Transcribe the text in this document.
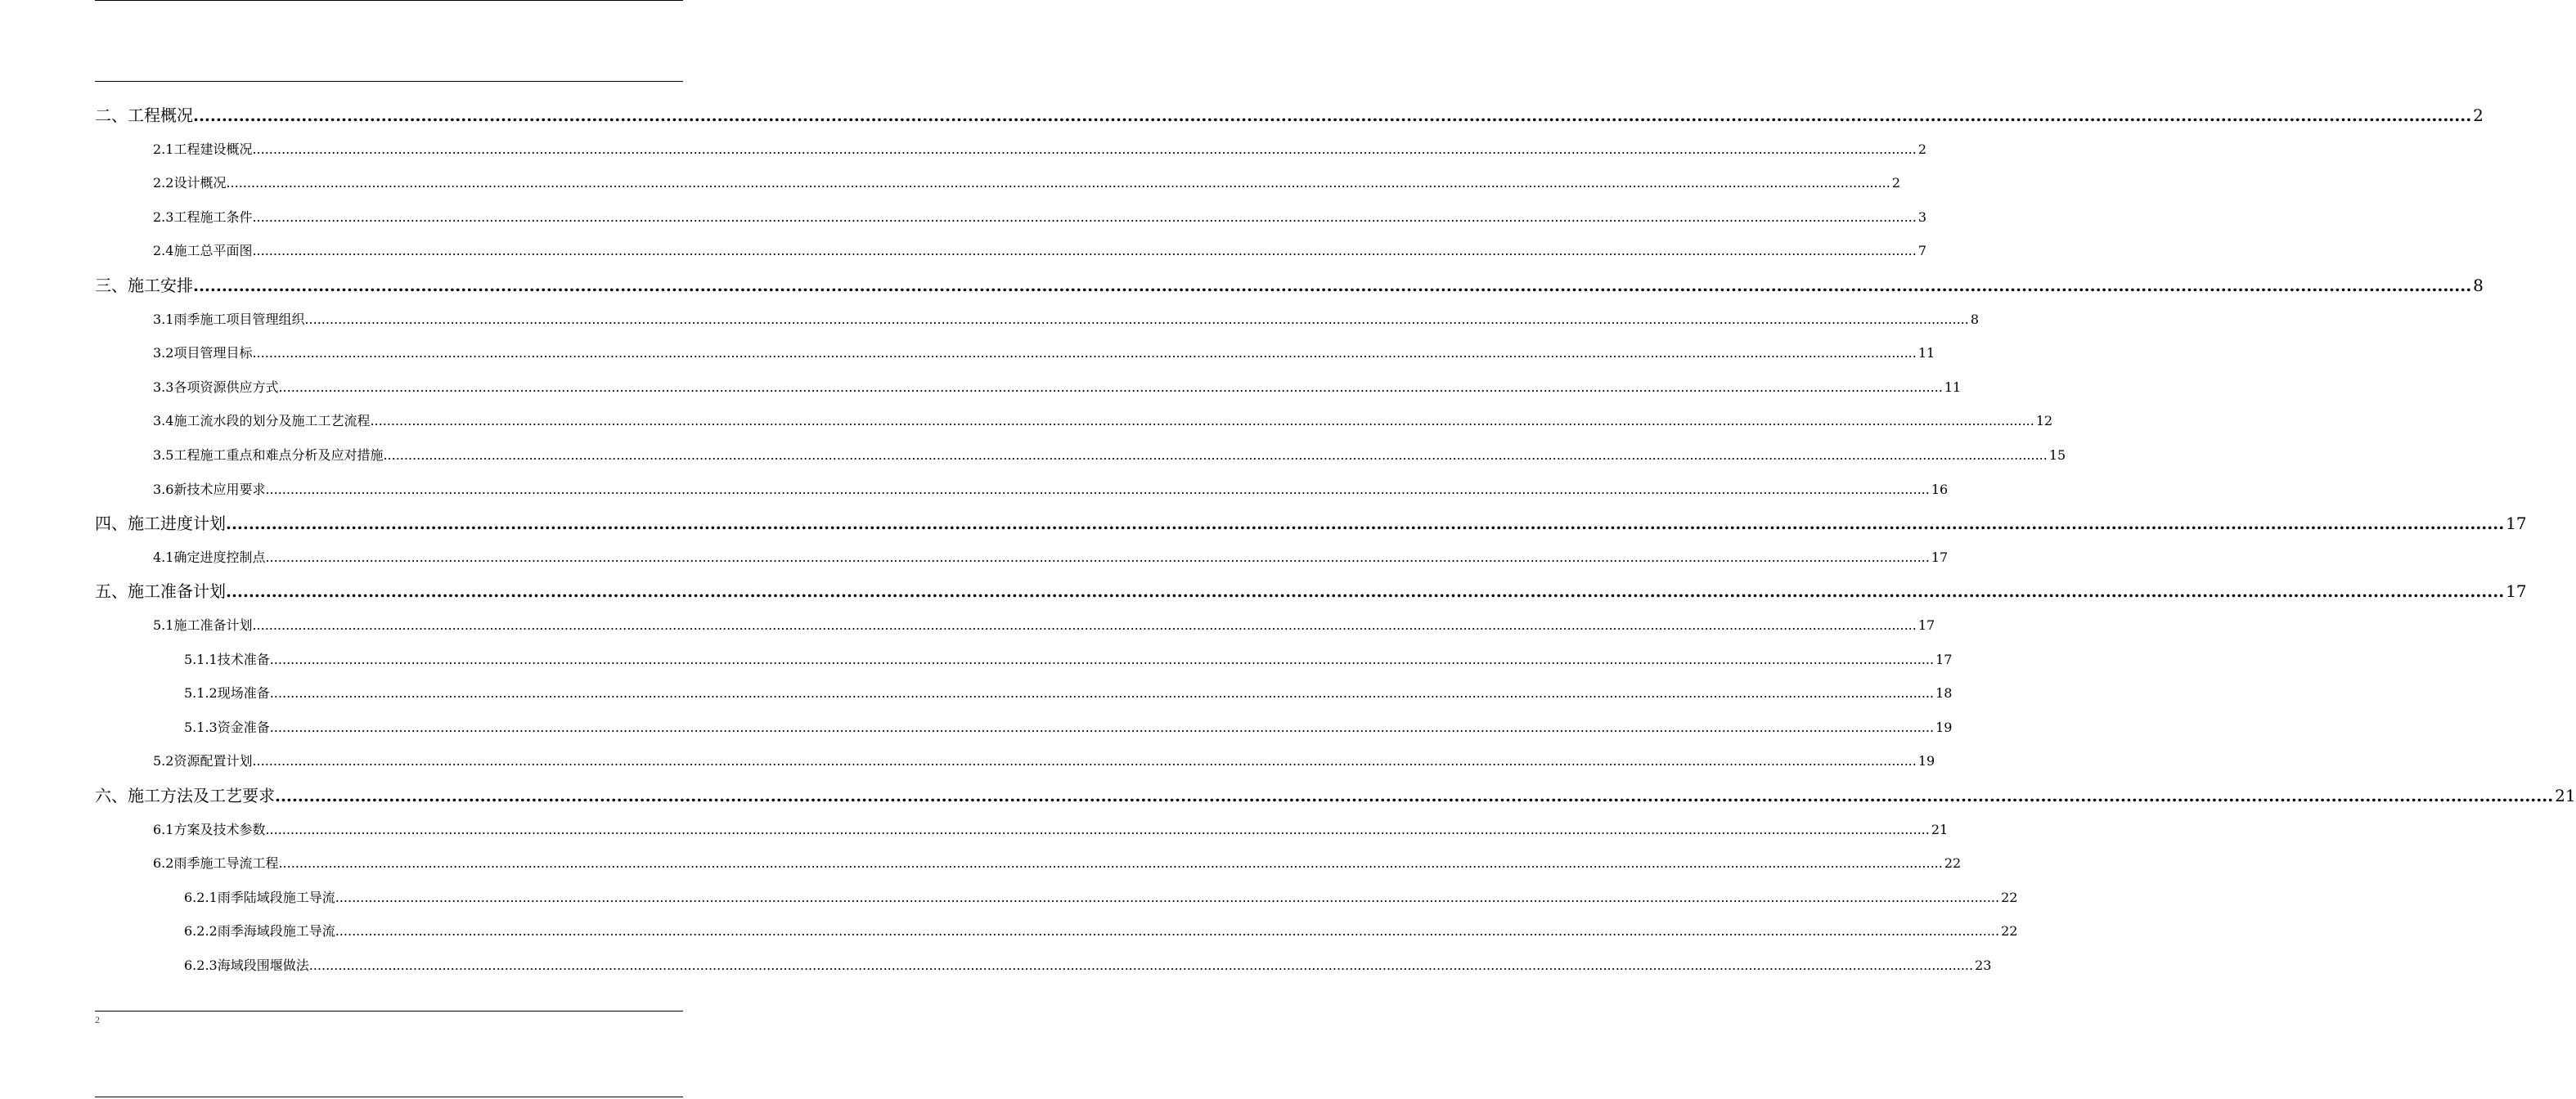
二、工程概况 ................................................................................................................................................................................................................................................................................................................................................................................................................ 2
2.1工程建设概况 ................................................................................................................................................................................................................................................................................................................................................................................................................ 2
2.2设计概况 ................................................................................................................................................................................................................................................................................................................................................................................................................ 2
2.3工程施工条件 ................................................................................................................................................................................................................................................................................................................................................................................................................ 3
2.4施工总平面图 ................................................................................................................................................................................................................................................................................................................................................................................................................ 7
三、施工安排 ................................................................................................................................................................................................................................................................................................................................................................................................................ 8
3.1雨季施工项目管理组织 ................................................................................................................................................................................................................................................................................................................................................................................................................ 8
3.2项目管理目标 ................................................................................................................................................................................................................................................................................................................................................................................................................ 11
3.3各项资源供应方式 ................................................................................................................................................................................................................................................................................................................................................................................................................ 11
3.4施工流水段的划分及施工工艺流程 ................................................................................................................................................................................................................................................................................................................................................................................................................ 12
3.5工程施工重点和难点分析及应对措施 ................................................................................................................................................................................................................................................................................................................................................................................................................ 15
3.6新技术应用要求 ................................................................................................................................................................................................................................................................................................................................................................................................................ 16
四、施工进度计划 ................................................................................................................................................................................................................................................................................................................................................................................................................ 17
4.1确定进度控制点 ................................................................................................................................................................................................................................................................................................................................................................................................................ 17
五、施工准备计划 ................................................................................................................................................................................................................................................................................................................................................................................................................ 17
5.1施工准备计划 ................................................................................................................................................................................................................................................................................................................................................................................................................ 17
5.1.1技术准备 ................................................................................................................................................................................................................................................................................................................................................................................................................ 17
5.1.2现场准备 ................................................................................................................................................................................................................................................................................................................................................................................................................ 18
5.1.3资金准备 ................................................................................................................................................................................................................................................................................................................................................................................................................ 19
5.2资源配置计划 ................................................................................................................................................................................................................................................................................................................................................................................................................ 19
六、施工方法及工艺要求 ................................................................................................................................................................................................................................................................................................................................................................................................................ 21
6.1方案及技术参数 ................................................................................................................................................................................................................................................................................................................................................................................................................ 21
6.2雨季施工导流工程 ................................................................................................................................................................................................................................................................................................................................................................................................................ 22
6.2.1雨季陆域段施工导流 ................................................................................................................................................................................................................................................................................................................................................................................................................ 22
6.2.2雨季海域段施工导流 ................................................................................................................................................................................................................................................................................................................................................................................................................ 22
6.2.3海域段围堰做法 ................................................................................................................................................................................................................................................................................................................................................................................................................ 23
2
